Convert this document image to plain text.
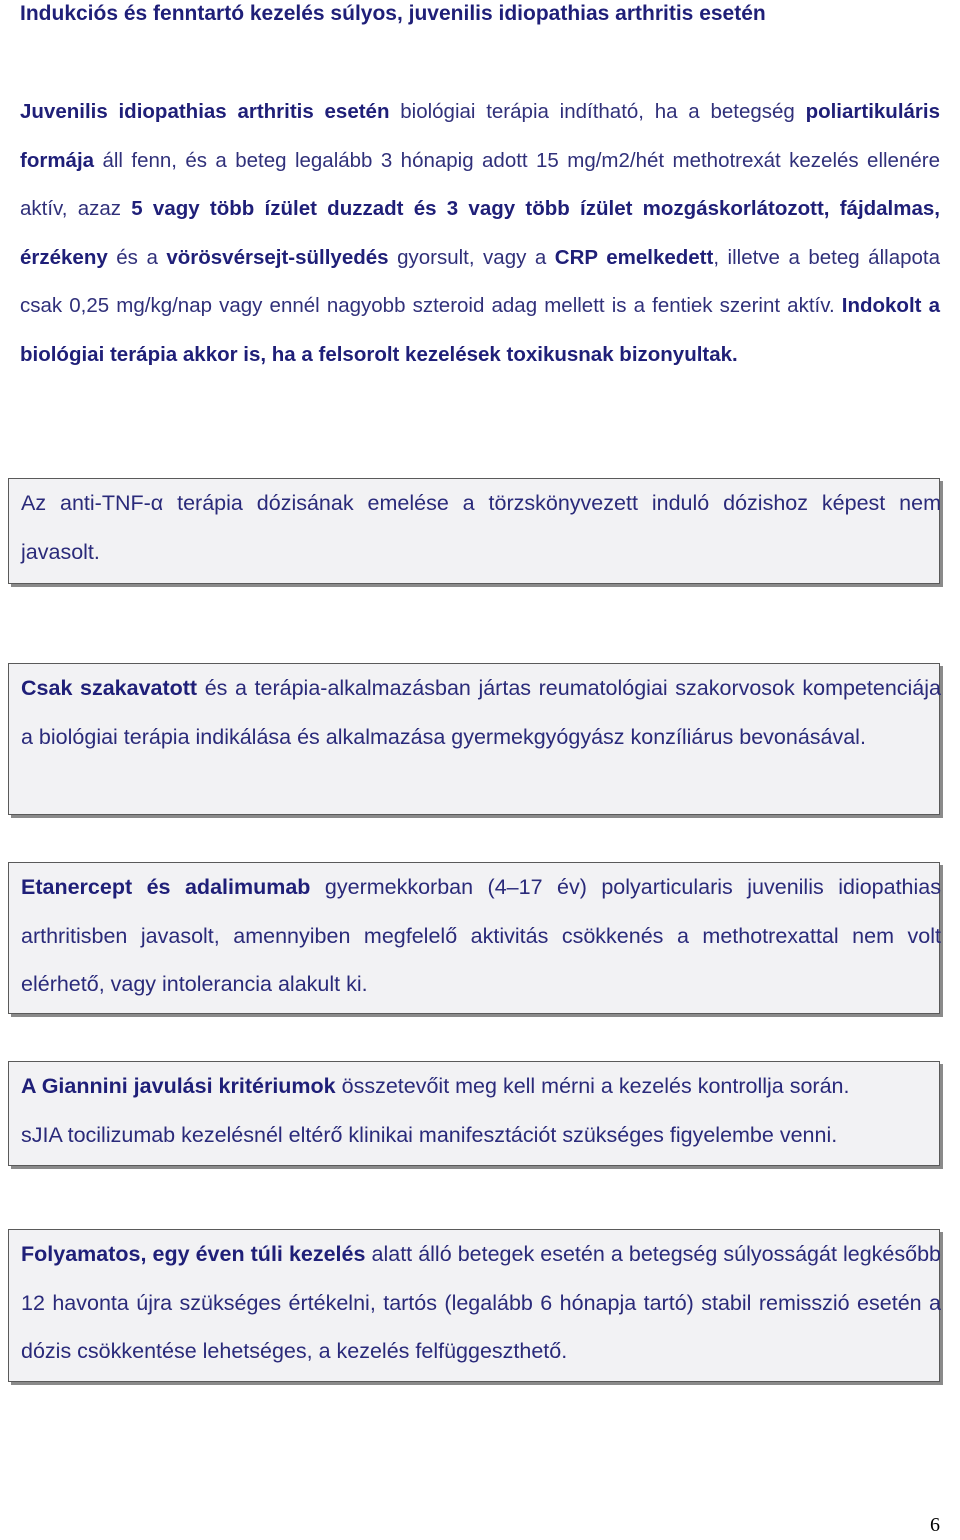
Indukciós és fenntartó kezelés súlyos, juvenilis idiopathias arthritis esetén
Juvenilis idiopathias arthritis esetén biológiai terápia indítható, ha a betegség poliartikuláris formája áll fenn, és a beteg legalább 3 hónapig adott 15 mg/m2/hét methotrexát kezelés ellenére aktív, azaz 5 vagy több ízület duzzadt és 3 vagy több ízület mozgáskorlátozott, fájdalmas, érzékeny és a vörösvérsejt-süllyedés gyorsult, vagy a CRP emelkedett, illetve a beteg állapota csak 0,25 mg/kg/nap vagy ennél nagyobb szteroid adag mellett is a fentiek szerint aktív. Indokolt a biológiai terápia akkor is, ha a felsorolt kezelések toxikusnak bizonyultak.
Az anti-TNF-α terápia dózisának emelése a törzskönyvezett induló dózishoz képest nem javasolt.
Csak szakavatott és a terápia-alkalmazásban jártas reumatológiai szakorvosok kompetenciája a biológiai terápia indikálása és alkalmazása gyermekgyógyász konzíliárus bevonásával.
Etanercept és adalimumab gyermekkorban (4–17 év) polyarticularis juvenilis idiopathias arthritisben javasolt, amennyiben megfelelő aktivitás csökkenés a methotrexattal nem volt elérhető, vagy intolerancia alakult ki.
A Giannini javulási kritériumok összetevőit meg kell mérni a kezelés kontrollja során.
sJIA tocilizumab kezelésnél eltérő klinikai manifesztációt szükséges figyelembe venni.
Folyamatos, egy éven túli kezelés alatt álló betegek esetén a betegség súlyosságát legkésőbb 12 havonta újra szükséges értékelni, tartós (legalább 6 hónapja tartó) stabil remisszió esetén a dózis csökkentése lehetséges, a kezelés felfüggeszthető.
6
